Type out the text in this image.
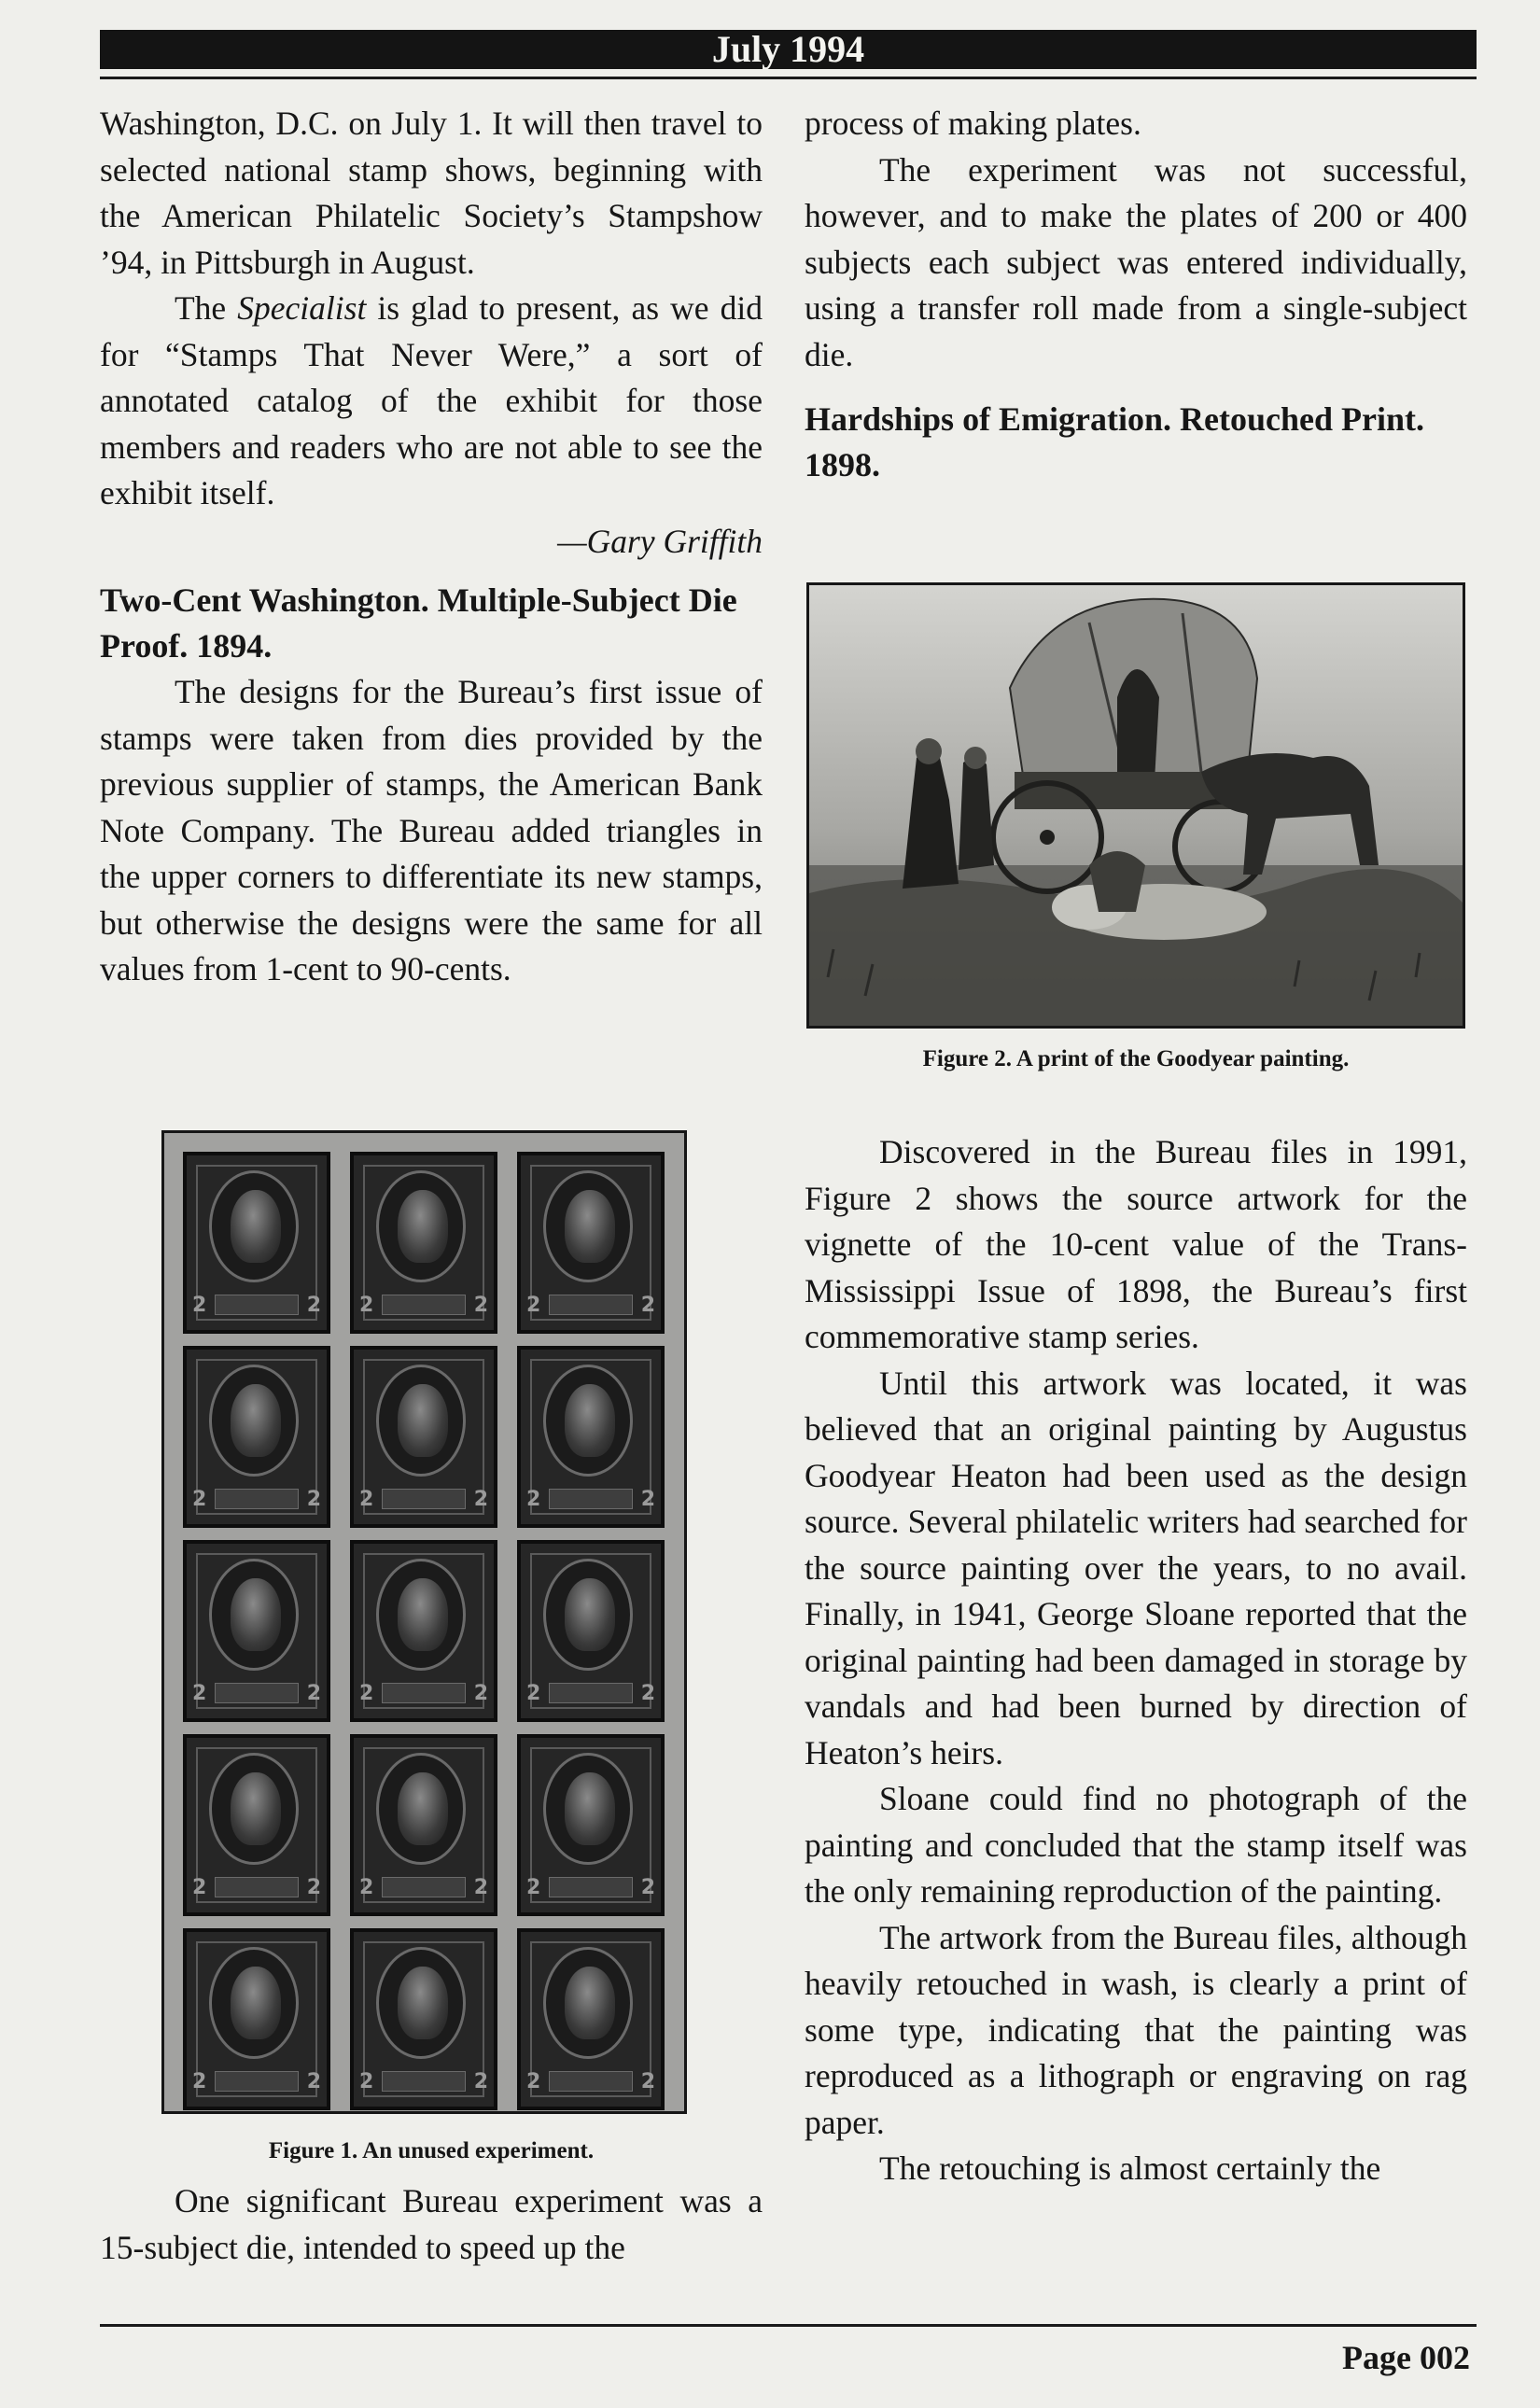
July 1994

Washington, D.C. on July 1. It will then travel to selected national stamp shows, beginning with the American Philatelic Society’s Stampshow ’94, in Pittsburgh in August.

The Specialist is glad to present, as we did for “Stamps That Never Were,” a sort of annotated catalog of the exhibit for those members and readers who are not able to see the exhibit itself.

—Gary Griffith

Two-Cent Washington. Multiple-Subject Die Proof. 1894.

The designs for the Bureau’s first issue of stamps were taken from dies provided by the previous supplier of stamps, the American Bank Note Company. The Bureau added triangles in the upper corners to differentiate its new stamps, but otherwise the designs were the same for all values from 1-cent to 90-cents.

2	2 2	2 2	2
2	2 2	2 2	2
2	2 2	2 2	2
2	2 2	2 2	2
2	2 2	2 2	2
Figure 1. An unused experiment.

One significant Bureau experiment was a 15-subject die, intended to speed up the

process of making plates.

The experiment was not successful, however, and to make the plates of 200 or 400 subjects each subject was entered individually, using a transfer roll made from a single-subject die.

Hardships of Emigration. Retouched Print. 1898.
Figure 2. A print of the Goodyear painting.

Discovered in the Bureau files in 1991, Figure 2 shows the source artwork for the vignette of the 10-cent value of the Trans-Mississippi Issue of 1898, the Bureau’s first commemorative stamp series.

Until this artwork was located, it was believed that an original painting by Augustus Goodyear Heaton had been used as the design source. Several philatelic writers had searched for the source painting over the years, to no avail. Finally, in 1941, George Sloane reported that the original painting had been damaged in storage by vandals and had been burned by direction of Heaton’s heirs.

Sloane could find no photograph of the painting and concluded that the stamp itself was the only remaining reproduction of the painting.

The artwork from the Bureau files, although heavily retouched in wash, is clearly a print of some type, indicating that the painting was reproduced as a lithograph or engraving on rag paper.

The retouching is almost certainly the

Page 002
